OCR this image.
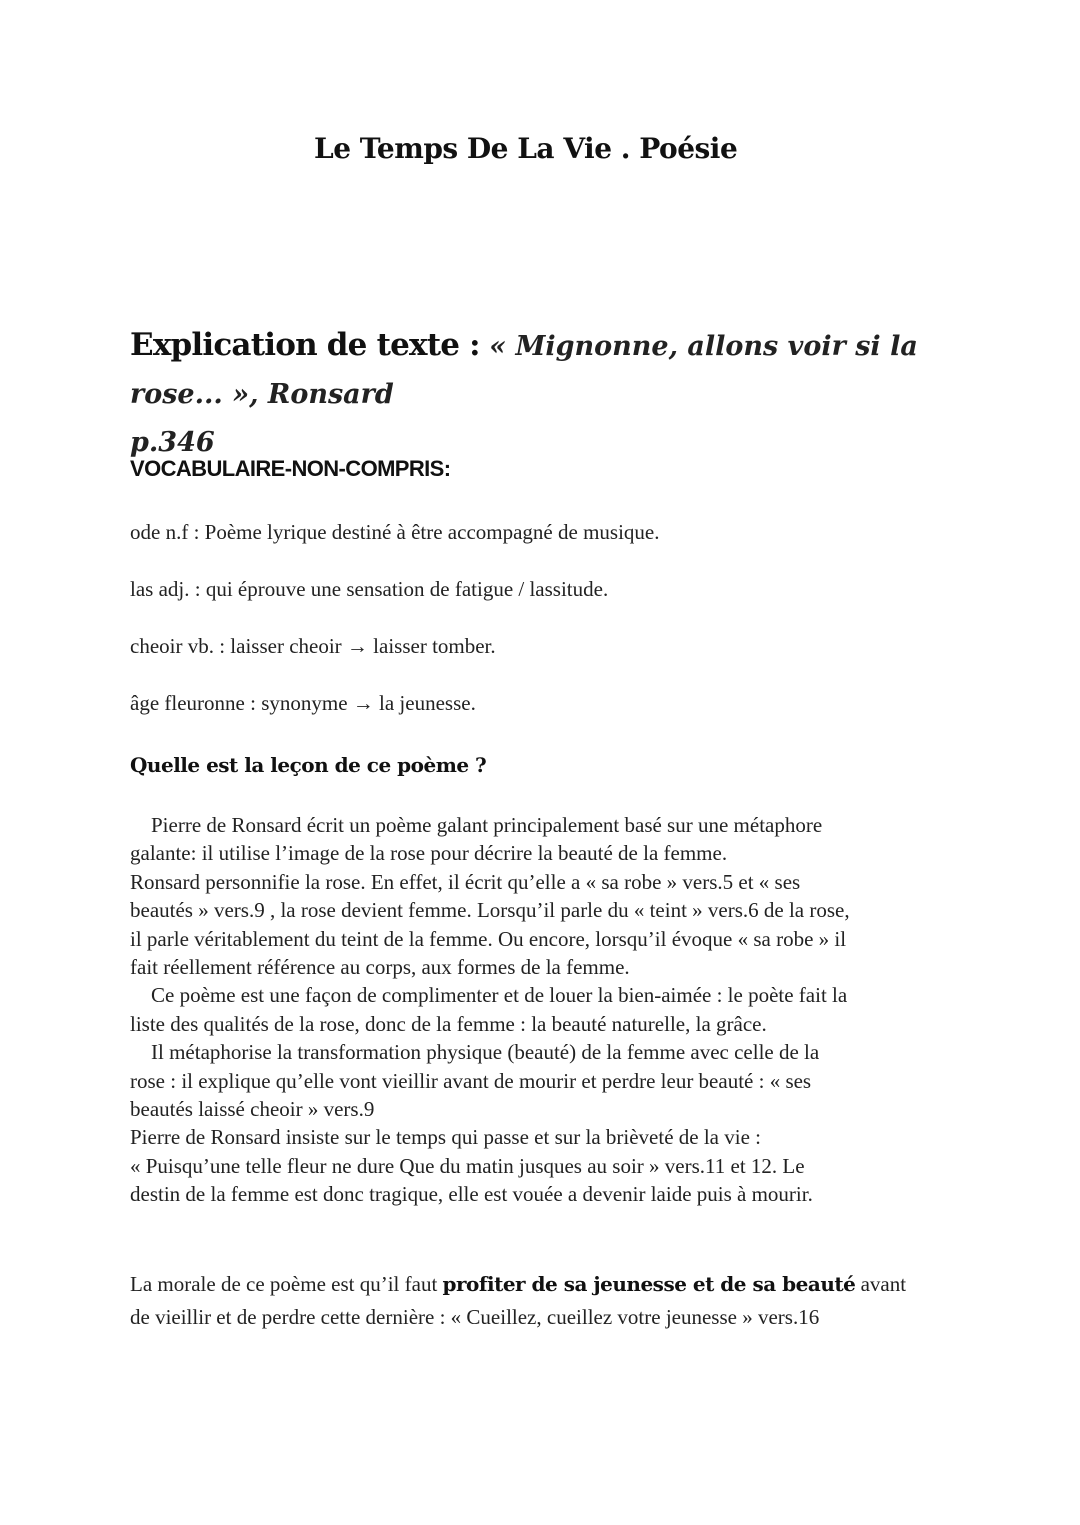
Le Temps De La Vie . Poésie
Explication de texte : « Mignonne, allons voir si la rose... », Ronsard
p.346
VOCABULAIRE-NON-COMPRIS:

ode n.f : Poème lyrique destiné à être accompagné de musique.

las adj. : qui éprouve une sensation de fatigue / lassitude.

cheoir vb. : laisser cheoir → laisser tomber.

âge fleuronne : synonyme → la jeunesse.

Quelle est la leçon de ce poème ?

Pierre de Ronsard écrit un poème galant principalement basé sur une métaphore
galante: il utilise l’image de la rose pour décrire la beauté de la femme.
Ronsard personnifie la rose. En effet, il écrit qu’elle a « sa robe » vers.5 et « ses
beautés » vers.9 , la rose devient femme. Lorsqu’il parle du « teint » vers.6 de la rose,
il parle véritablement du teint de la femme. Ou encore, lorsqu’il évoque « sa robe » il
fait réellement référence au corps, aux formes de la femme.
Ce poème est une façon de complimenter et de louer la bien-aimée : le poète fait la
liste des qualités de la rose, donc de la femme : la beauté naturelle, la grâce.
Il métaphorise la transformation physique (beauté) de la femme avec celle de la
rose : il explique qu’elle vont vieillir avant de mourir et perdre leur beauté : « ses
beautés laissé cheoir » vers.9
Pierre de Ronsard insiste sur le temps qui passe et sur la brièveté de la vie :
« Puisqu’une telle fleur ne dure Que du matin jusques au soir » vers.11 et 12. Le
destin de la femme est donc tragique, elle est vouée a devenir laide puis à mourir.

La morale de ce poème est qu’il faut profiter de sa jeunesse et de sa beauté avant
de vieillir et de perdre cette dernière : « Cueillez, cueillez votre jeunesse » vers.16
